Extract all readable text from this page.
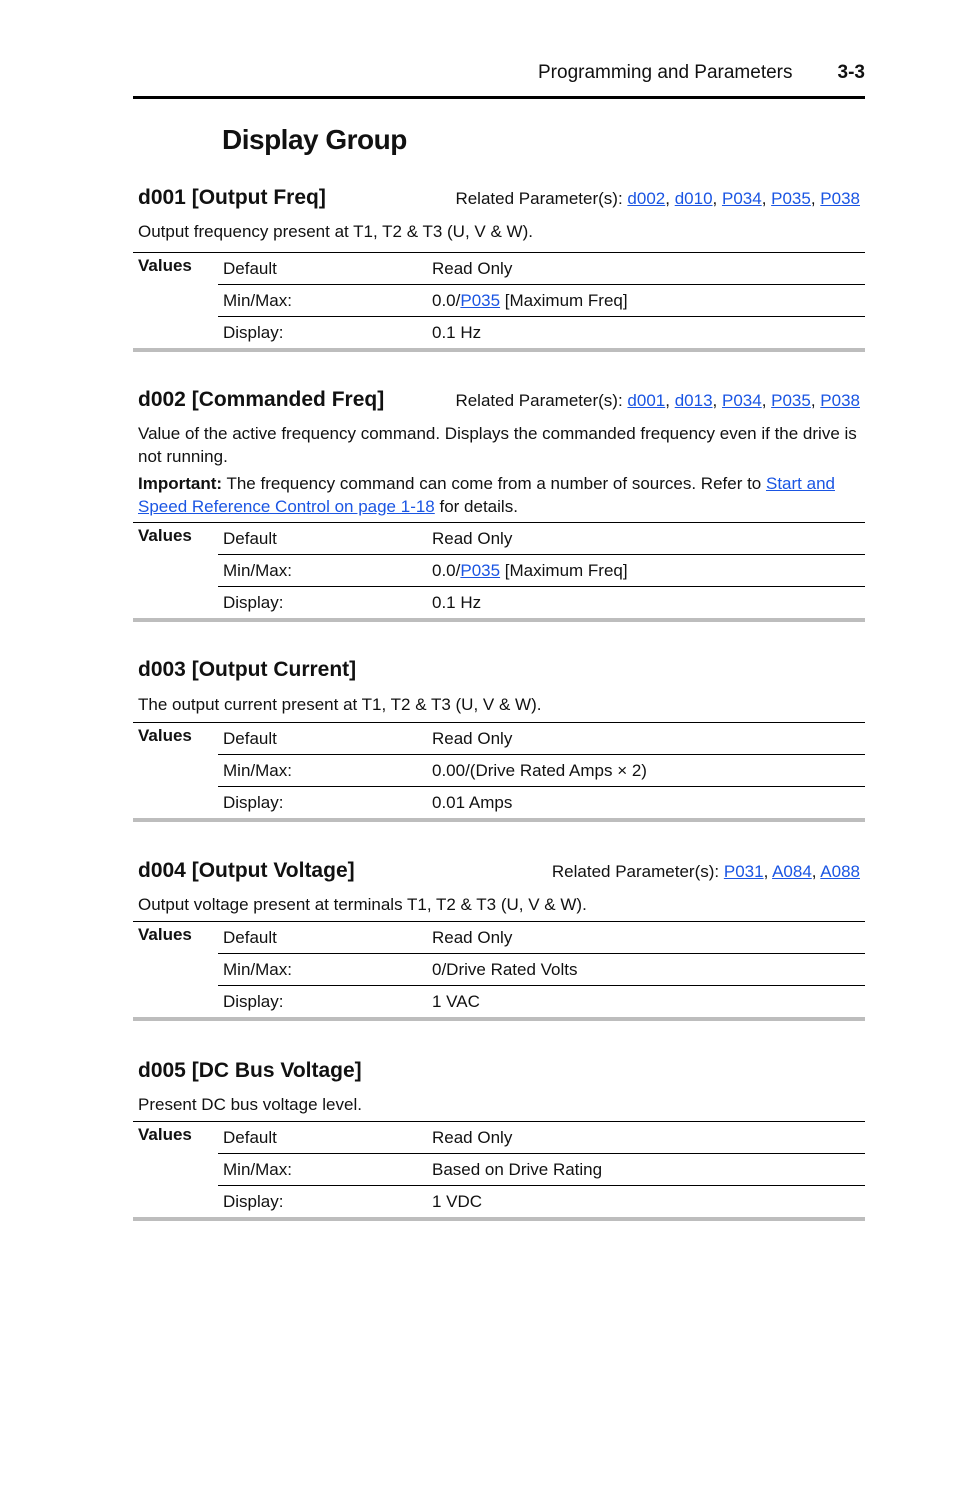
Programming and Parameters 3-3
Display Group
d001 [Output Freq]	Related Parameter(s): d002, d010, P034, P035, P038

Output frequency present at T1, T2 & T3 (U, V & W).

Values	Default	Read Only
	Min/Max:	0.0/P035 [Maximum Freq]
	Display:	0.1 Hz
d002 [Commanded Freq]	Related Parameter(s): d001, d013, P034, P035, P038

Value of the active frequency command. Displays the commanded frequency even if the drive is not running.

Important: The frequency command can come from a number of sources. Refer to Start and Speed Reference Control on page 1-18 for details.

Values	Default	Read Only
	Min/Max:	0.0/P035 [Maximum Freq]
	Display:	0.1 Hz
d003 [Output Current]

The output current present at T1, T2 & T3 (U, V & W).

Values	Default	Read Only
	Min/Max:	0.00/(Drive Rated Amps × 2)
	Display:	0.01 Amps
d004 [Output Voltage]	Related Parameter(s): P031, A084, A088

Output voltage present at terminals T1, T2 & T3 (U, V & W).

Values	Default	Read Only
	Min/Max:	0/Drive Rated Volts
	Display:	1 VAC
d005 [DC Bus Voltage]

Present DC bus voltage level.

Values	Default	Read Only
	Min/Max:	Based on Drive Rating
	Display:	1 VDC
